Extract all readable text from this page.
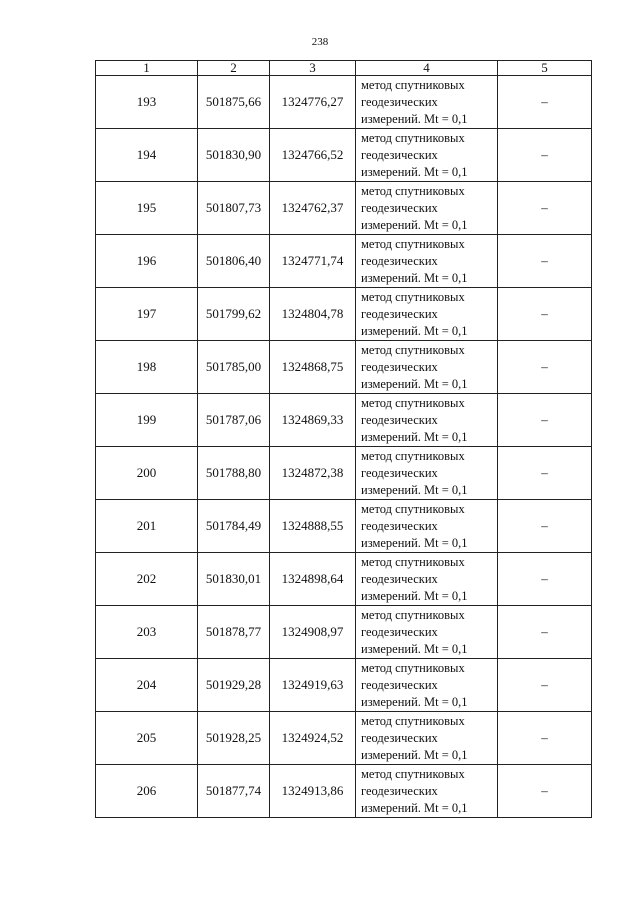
238
1	2	3	4	5
193	501875,66	1324776,27	метод спутниковых
геодезических
измерений. Mt = 0,1	–
194	501830,90	1324766,52	метод спутниковых
геодезических
измерений. Mt = 0,1	–
195	501807,73	1324762,37	метод спутниковых
геодезических
измерений. Mt = 0,1	–
196	501806,40	1324771,74	метод спутниковых
геодезических
измерений. Mt = 0,1	–
197	501799,62	1324804,78	метод спутниковых
геодезических
измерений. Mt = 0,1	–
198	501785,00	1324868,75	метод спутниковых
геодезических
измерений. Mt = 0,1	–
199	501787,06	1324869,33	метод спутниковых
геодезических
измерений. Mt = 0,1	–
200	501788,80	1324872,38	метод спутниковых
геодезических
измерений. Mt = 0,1	–
201	501784,49	1324888,55	метод спутниковых
геодезических
измерений. Mt = 0,1	–
202	501830,01	1324898,64	метод спутниковых
геодезических
измерений. Mt = 0,1	–
203	501878,77	1324908,97	метод спутниковых
геодезических
измерений. Mt = 0,1	–
204	501929,28	1324919,63	метод спутниковых
геодезических
измерений. Mt = 0,1	–
205	501928,25	1324924,52	метод спутниковых
геодезических
измерений. Mt = 0,1	–
206	501877,74	1324913,86	метод спутниковых
геодезических
измерений. Mt = 0,1	–
